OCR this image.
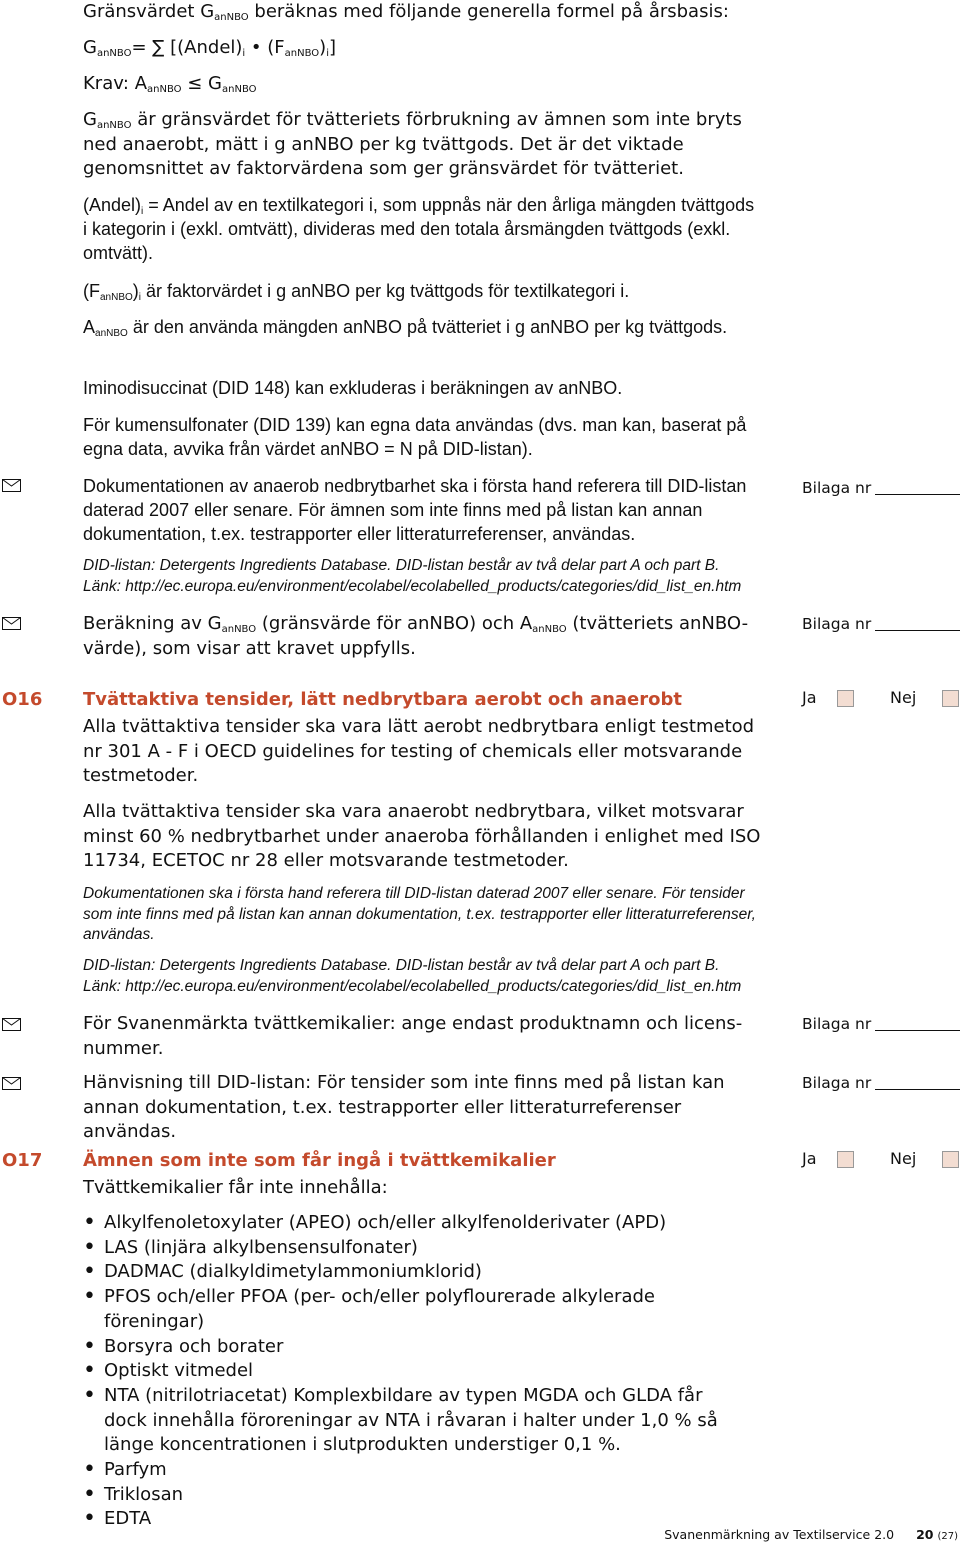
Gränsvärdet $G_{anNBO}$ beräknas med följande generella formel på årsbasis:
$G_{anNBO}=$ ∑ [$(Andel)_i$ • $(F_{anNBO})_i$]
Krav: $A_{anNBO} \le G_{anNBO}$
$G_{anNBO}$ är gränsvärdet för tvätteriets förbrukning av ämnen som inte bryts ned anaerobt, mätt i g anNBO per kg tvättgods. Det är det viktade genomsnittet av faktorvärdena som ger gränsvärdet för tvätteriet.
$(Andel)_i$ = Andel av en textilkategori i, som uppnås när den årliga mängden tvättgods i kategorin i (exkl. omtvätt), divideras med den totala årsmängden tvättgods (exkl. omtvätt).
$(F_{anNBO})_i$ är faktorvärdet i g anNBO per kg tvättgods för textilkategori i.
$A_{anNBO}$ är den använda mängden anNBO på tvätteriet i g anNBO per kg tvättgods.
Iminodisuccinat (DID 148) kan exkluderas i beräkningen av anNBO.
För kumensulfonater (DID 139) kan egna data användas (dvs. man kan, baserat på egna data, avvika från värdet anNBO = N på DID-listan).
Dokumentationen av anaerob nedbrytbarhet ska i första hand referera till DID-listan daterad 2007 eller senare. För ämnen som inte finns med på listan kan annan dokumentation, t.ex. testrapporter eller litteraturreferenser, användas.
Bilaga nr
DID-listan: Detergents Ingredients Database. DID-listan består av två delar part A och part B.
Länk: http://ec.europa.eu/environment/ecolabel/ecolabelled_products/categories/did_list_en.htm
Beräkning av $G_{anNBO}$ (gränsvärde för anNBO) och $A_{anNBO}$ (tvätteriets anNBO-värde), som visar att kravet uppfylls.
Bilaga nr
O16 Tvättaktiva tensider, lätt nedbrytbara aerobt och anaerobt	Ja	Nej
Alla tvättaktiva tensider ska vara lätt aerobt nedbrytbara enligt testmetod nr 301 A - F i OECD guidelines for testing of chemicals eller motsvarande testmetoder.
Alla tvättaktiva tensider ska vara anaerobt nedbrytbara, vilket motsvarar minst 60 % nedbrytbarhet under anaeroba förhållanden i enlighet med ISO 11734, ECETOC nr 28 eller motsvarande testmetoder.
Dokumentationen ska i första hand referera till DID-listan daterad 2007 eller senare. För tensider som inte finns med på listan kan annan dokumentation, t.ex. testrapporter eller litteraturreferenser, användas.
DID-listan: Detergents Ingredients Database. DID-listan består av två delar part A och part B.
Länk: http://ec.europa.eu/environment/ecolabel/ecolabelled_products/categories/did_list_en.htm
För Svanenmärkta tvättkemikalier: ange endast produktnamn och licens-nummer.
Bilaga nr
Hänvisning till DID-listan: För tensider som inte finns med på listan kan annan dokumentation, t.ex. testrapporter eller litteraturreferenser användas.
Bilaga nr
O17 Ämnen som inte som får ingå i tvättkemikalier	Ja	Nej
Tvättkemikalier får inte innehålla:
• Alkylfenoletoxylater (APEO) och/eller alkylfenolderivater (APD)
• LAS (linjära alkylbensensulfonater)
• DADMAC (dialkyldimetylammoniumklorid)
• PFOS och/eller PFOA (per- och/eller polyflourerade alkylerade föreningar)
• Borsyra och borater
• Optiskt vitmedel
• NTA (nitrilotriacetat) Komplexbildare av typen MGDA och GLDA får dock innehålla föroreningar av NTA i råvaran i halter under 1,0 % så länge koncentrationen i slutprodukten understiger 0,1 %.
• Parfym
• Triklosan
• EDTA
Svanenmärkning av Textilservice 2.0 20 (27)
